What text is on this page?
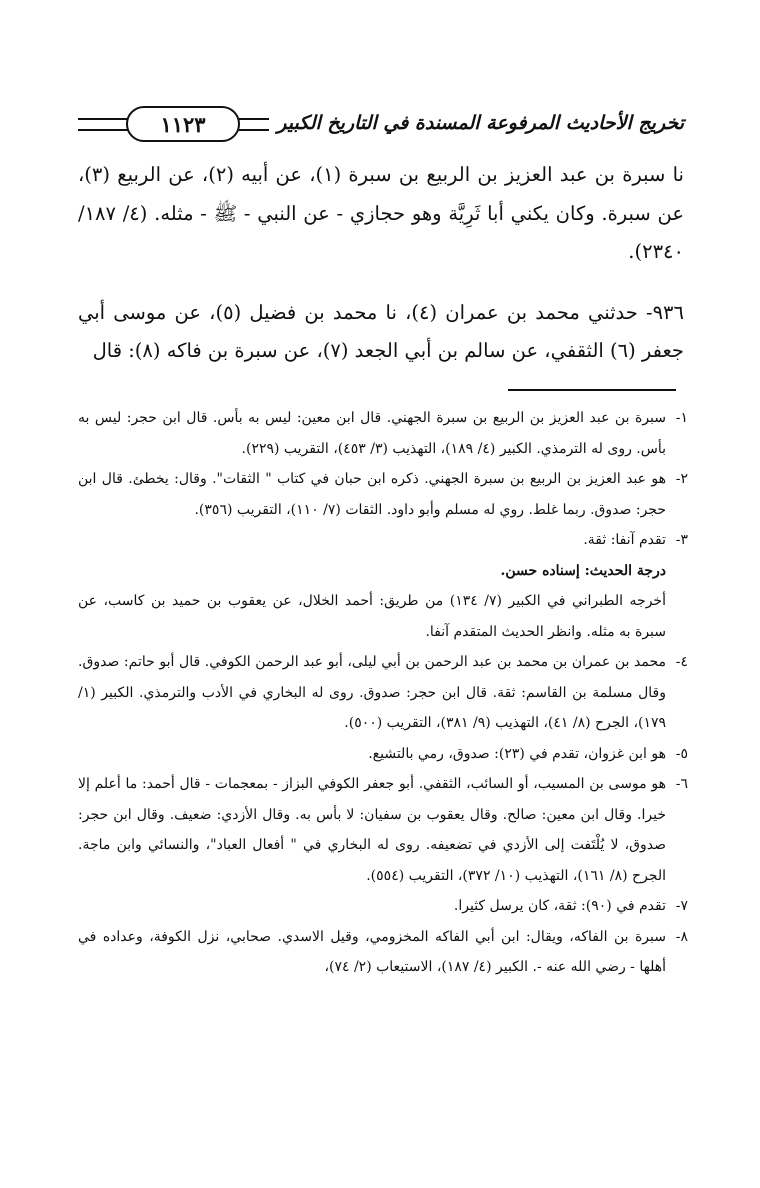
تخريج الأحاديث المرفوعة المسندة في التاريخ الكبير
١١٢٣

نا سبرة بن عبد العزيز بن الربيع بن سبرة (١)، عن أبيه (٢)، عن الربيع (٣)، عن سبرة. وكان يكني أبا ثَرِيَّة وهو حجازي - عن النبي - ﷺ - مثله. (٤/ ١٨٧/ ٢٣٤٠).

٩٣٦- حدثني محمد بن عمران (٤)، نا محمد بن فضيل (٥)، عن موسى أبي جعفر (٦) الثقفي، عن سالم بن أبي الجعد (٧)، عن سبرة بن فاكه (٨): قال

١-
سبرة بن عبد العزيز بن الربيع بن سبرة الجهني. قال ابن معين: ليس به بأس. قال ابن حجر: ليس به بأس. روى له الترمذي. الكبير (٤/ ١٨٩)، التهذيب (٣/ ٤٥٣)، التقريب (٢٢٩).
٢-
هو عبد العزيز بن الربيع بن سبرة الجهني. ذكره ابن حبان في كتاب " الثقات". وقال: يخطئ. قال ابن حجر: صدوق. ربما غلط. روي له مسلم وأبو داود. الثقات (٧/ ١١٠)، التقريب (٣٥٦).
٣-
تقدم آنفا: ثقة.
درجة الحديث: إسناده حسن.
أخرجه الطبراني في الكبير (٧/ ١٣٤) من طريق: أحمد الخلال، عن يعقوب بن حميد بن كاسب، عن سبرة به مثله. وانظر الحديث المتقدم آنفا.
٤-
محمد بن عمران بن محمد بن عبد الرحمن بن أبي ليلى، أبو عبد الرحمن الكوفي. قال أبو حاتم: صدوق. وقال مسلمة بن القاسم: ثقة. قال ابن حجر: صدوق. روى له البخاري في الأدب والترمذي. الكبير (١/ ١٧٩)، الجرح (٨/ ٤١)، التهذيب (٩/ ٣٨١)، التقريب (٥٠٠).
٥-
هو ابن غزوان، تقدم في (٢٣): صدوق، رمي بالتشيع.
٦-
هو موسى بن المسيب، أو السائب، الثقفي. أبو جعفر الكوفي البزاز - بمعجمات - قال أحمد: ما أعلم إلا خيرا. وقال ابن معين: صالح. وقال يعقوب بن سفيان: لا بأس به. وقال الأزدي: ضعيف. وقال ابن حجر: صدوق، لا يُلْتَفت إلى الأزدي في تضعيفه. روى له البخاري في " أفعال العباد"، والنسائي وابن ماجة. الجرح (٨/ ١٦١)، التهذيب (١٠/ ٣٧٢)، التقريب (٥٥٤).
٧-
تقدم في (٩٠): ثقة، كان يرسل كثيرا.
٨-
سبرة بن الفاكه، ويقال: ابن أبي الفاكه المخزومي، وقيل الاسدي. صحابي، نزل الكوفة، وعداده في أهلها - رضي الله عنه -. الكبير (٤/ ١٨٧)، الاستيعاب (٢/ ٧٤)،
